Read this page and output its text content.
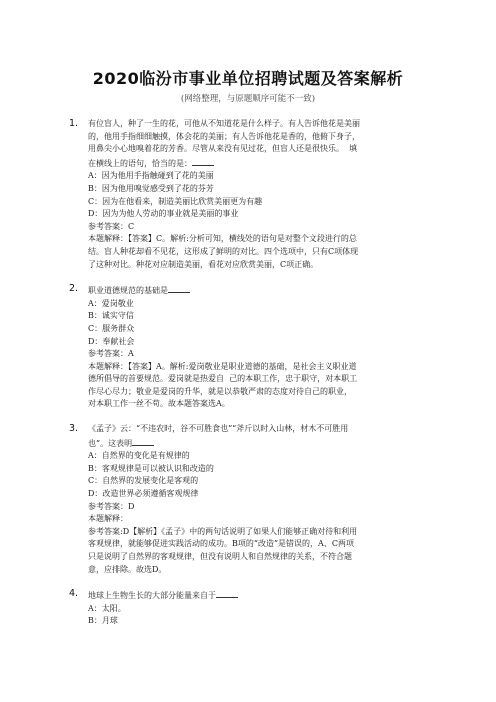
2020临汾市事业单位招聘试题及答案解析
(网络整理，与原题顺序可能不一致)
1. 有位盲人，种了一生的花，可他从不知道花是什么样子。有人告诉他花是美丽
的，他用手指细细触摸，体会花的美丽；有人告诉他花是香的，他俯下身子，
用鼻尖小心地嗅着花的芳香。尽管从来没有见过花，但盲人还是很快乐。  填
在横线上的语句，恰当的是：
A：因为他用手指触碰到了花的美丽
B：因为他用嗅觉感受到了花的芬芳
C：因为在他看来，制造美丽比欣赏美丽更为有趣
D：因为为他人劳动的事业就是美丽的事业
参考答案：C
本题解释：【答案】C。解析:分析可知，横线处的语句是对整个文段进行的总
结。盲人种花却看不见花，这形成了鲜明的对比。四个选项中，只有C项体现
了这种对比。种花对应制造美丽，看花对应欣赏美丽，C项正确。
2. 职业道德规范的基础是
A：爱岗敬业
B：诚实守信
C：服务群众
D：奉献社会
参考答案：A
本题解释：【答案】A。解析:爱岗敬业是职业道德的基础，是社会主义职业道
德所倡导的首要规范。爱岗就是热爱自  己的本职工作，忠于职守，对本职工
作尽心尽力；敬业是爱岗的升华，就是以恭敬严肃的态度对待自己的职业，
对本职工作一丝不苟。故本题答案选A。
3. 《孟子》云：“不违农时，谷不可胜食也”“斧斤以时入山林，材木不可胜用
也”。这表明
A：自然界的变化是有规律的
B：客观规律是可以被认识和改造的
C：自然界的发展变化是客观的
D：改造世界必须遵循客观规律
参考答案：D
本题解释：
参考答案:D【解析】《孟子》中的两句话说明了如果人们能够正确对待和利用
客观规律，就能够促进实践活动的成功。B项的“改造”是错误的，A、C两项
只是说明了自然界的客观规律，但没有说明人和自然规律的关系，不符合题
意，应排除。故选D。
4. 地球上生物生长的大部分能量来自于
A：太阳。
B：月球
